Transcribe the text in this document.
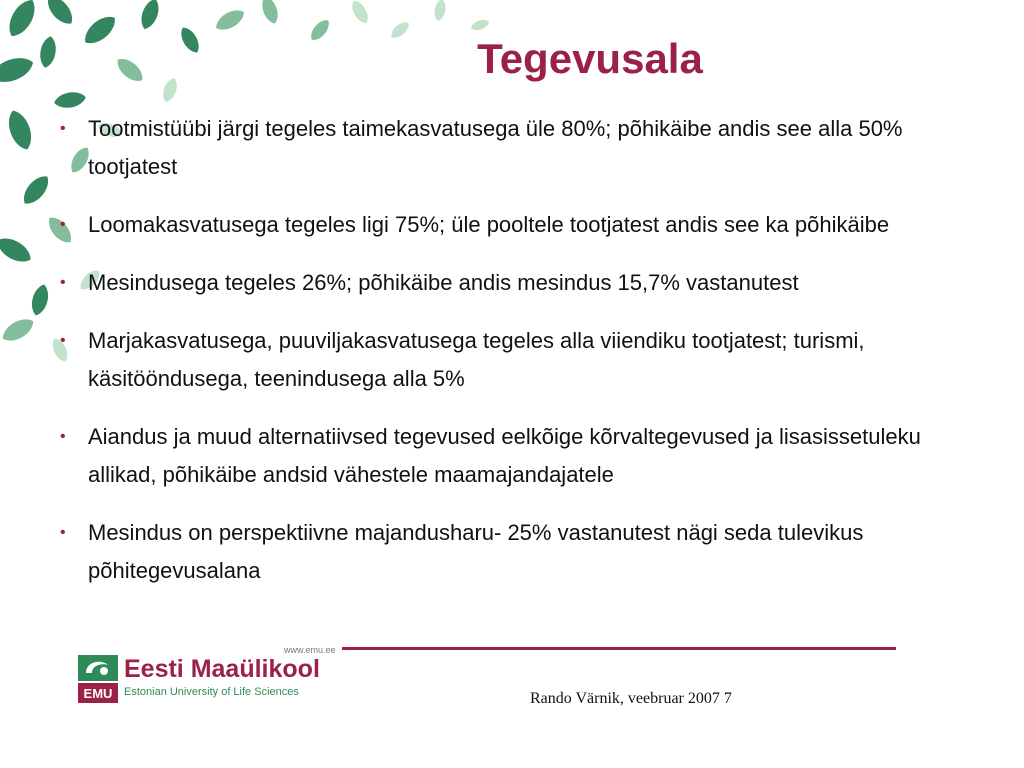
Tegevusala
•	Tootmistüübi järgi tegeles taimekasvatusega üle 80%; põhikäibe andis see alla 50% tootjatest
•	Loomakasvatusega tegeles ligi 75%; üle pooltele tootjatest andis see ka põhikäibe
•	Mesindusega tegeles 26%; põhikäibe andis mesindus 15,7% vastanutest
•	Marjakasvatusega, puuviljakasvatusega tegeles alla viiendiku tootjatest; turismi, käsitööndusega, teenindusega alla 5%
•	Aiandus ja muud alternatiivsed tegevused eelkõige kõrvaltegevused ja lisasissetuleku allikad, põhikäibe andsid vähestele maamajandajatele
•	Mesindus on perspektiivne majandusharu- 25% vastanutest nägi seda tulevikus põhitegevusalana
www.emu.ee
EMU
Eesti Maaülikool
Estonian University of Life Sciences	Rando Värnik, veebruar 2007 7
